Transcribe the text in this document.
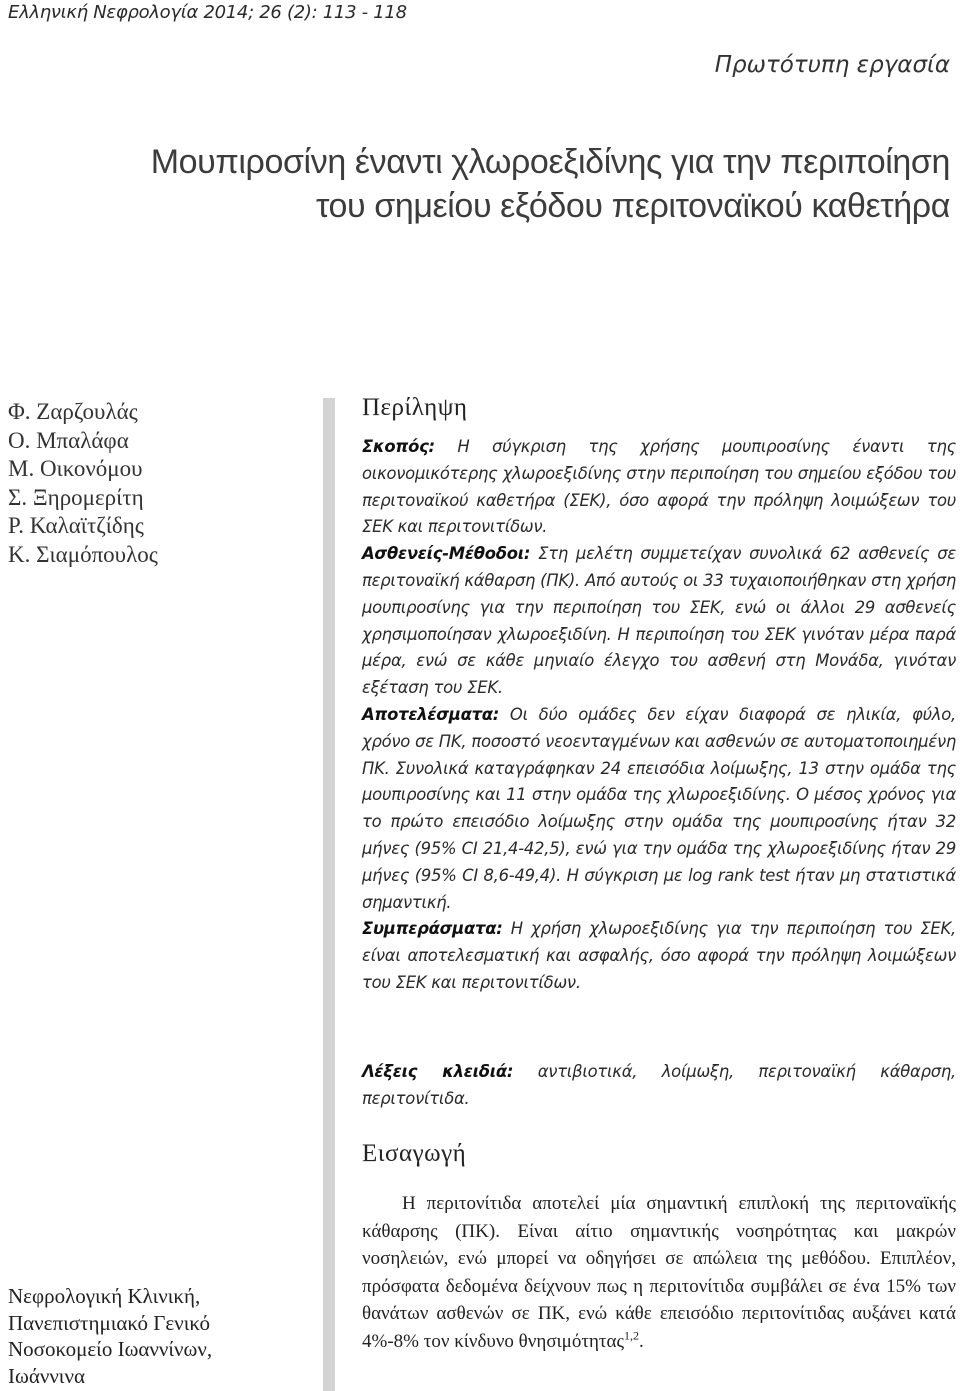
Ελληνική Νεφρολογία 2014; 26 (2): 113 - 118
Πρωτότυπη εργασία
Μουπιροσίνη έναντι χλωροεξιδίνης για την περιποίηση
του σημείου εξόδου περιτοναϊκού καθετήρα
Φ. Ζαρζουλάς
Ο. Μπαλάφα
Μ. Οικονόμου
Σ. Ξηρομερίτη
Ρ. Καλαϊτζίδης
Κ. Σιαμόπουλος
Νεφρολογική Κλινική,
Πανεπιστημιακό Γενικό
Νοσοκομείο Ιωαννίνων,
Ιωάννινα
Περίληψη

Σκοπός: Η σύγκριση της χρήσης μουπιροσίνης έναντι της οικονομικότερης χλωροεξιδίνης στην περιποίηση του σημείου εξόδου του περιτοναϊκού καθετήρα (ΣΕΚ), όσο αφορά την πρόληψη λοιμώξεων του ΣΕΚ και περιτονιτίδων.

Ασθενείς-Μέθοδοι: Στη μελέτη συμμετείχαν συνολικά 62 ασθενείς σε περιτοναϊκή κάθαρση (ΠΚ). Από αυτούς οι 33 τυχαιοποιήθηκαν στη χρήση μουπιροσίνης για την περιποίηση του ΣΕΚ, ενώ οι άλλοι 29 ασθενείς χρησιμοποίησαν χλωροεξιδίνη. Η περιποίηση του ΣΕΚ γινόταν μέρα παρά μέρα, ενώ σε κάθε μηνιαίο έλεγχο του ασθενή στη Μονάδα, γινόταν εξέταση του ΣΕΚ.

Αποτελέσματα: Οι δύο ομάδες δεν είχαν διαφορά σε ηλικία, φύλο, χρόνο σε ΠΚ, ποσοστό νεοενταγμένων και ασθενών σε αυτοματοποιημένη ΠΚ. Συνολικά καταγράφηκαν 24 επεισόδια λοίμωξης, 13 στην ομάδα της μουπιροσίνης και 11 στην ομάδα της χλωροεξιδίνης. Ο μέσος χρόνος για το πρώτο επεισόδιο λοίμωξης στην ομάδα της μουπιροσίνης ήταν 32 μήνες (95% CI 21,4-42,5), ενώ για την ομάδα της χλωροεξιδίνης ήταν 29 μήνες (95% CI 8,6-49,4). Η σύγκριση με log rank test ήταν μη στατιστικά σημαντική.

Συμπεράσματα: Η χρήση χλωροεξιδίνης για την περιποίηση του ΣΕΚ, είναι αποτελεσματική και ασφαλής, όσο αφορά την πρόληψη λοιμώξεων του ΣΕΚ και περιτονιτίδων.

Λέξεις κλειδιά: αντιβιοτικά, λοίμωξη, περιτοναϊκή κάθαρση, περιτονίτιδα.

Εισαγωγή

Η περιτονίτιδα αποτελεί μία σημαντική επιπλοκή της περιτοναϊκής κάθαρσης (ΠΚ). Είναι αίτιο σημαντικής νοσηρότητας και μακρών νοσηλειών, ενώ μπορεί να οδηγήσει σε απώλεια της μεθόδου. Επιπλέον, πρόσφατα δεδομένα δείχνουν πως η περιτονίτιδα συμβάλει σε ένα 15% των θανάτων ασθενών σε ΠΚ, ενώ κάθε επεισόδιο περιτονίτιδας αυξάνει κατά 4%-8% τον κίνδυνο θνησιμότητας$^{1,2}$.
